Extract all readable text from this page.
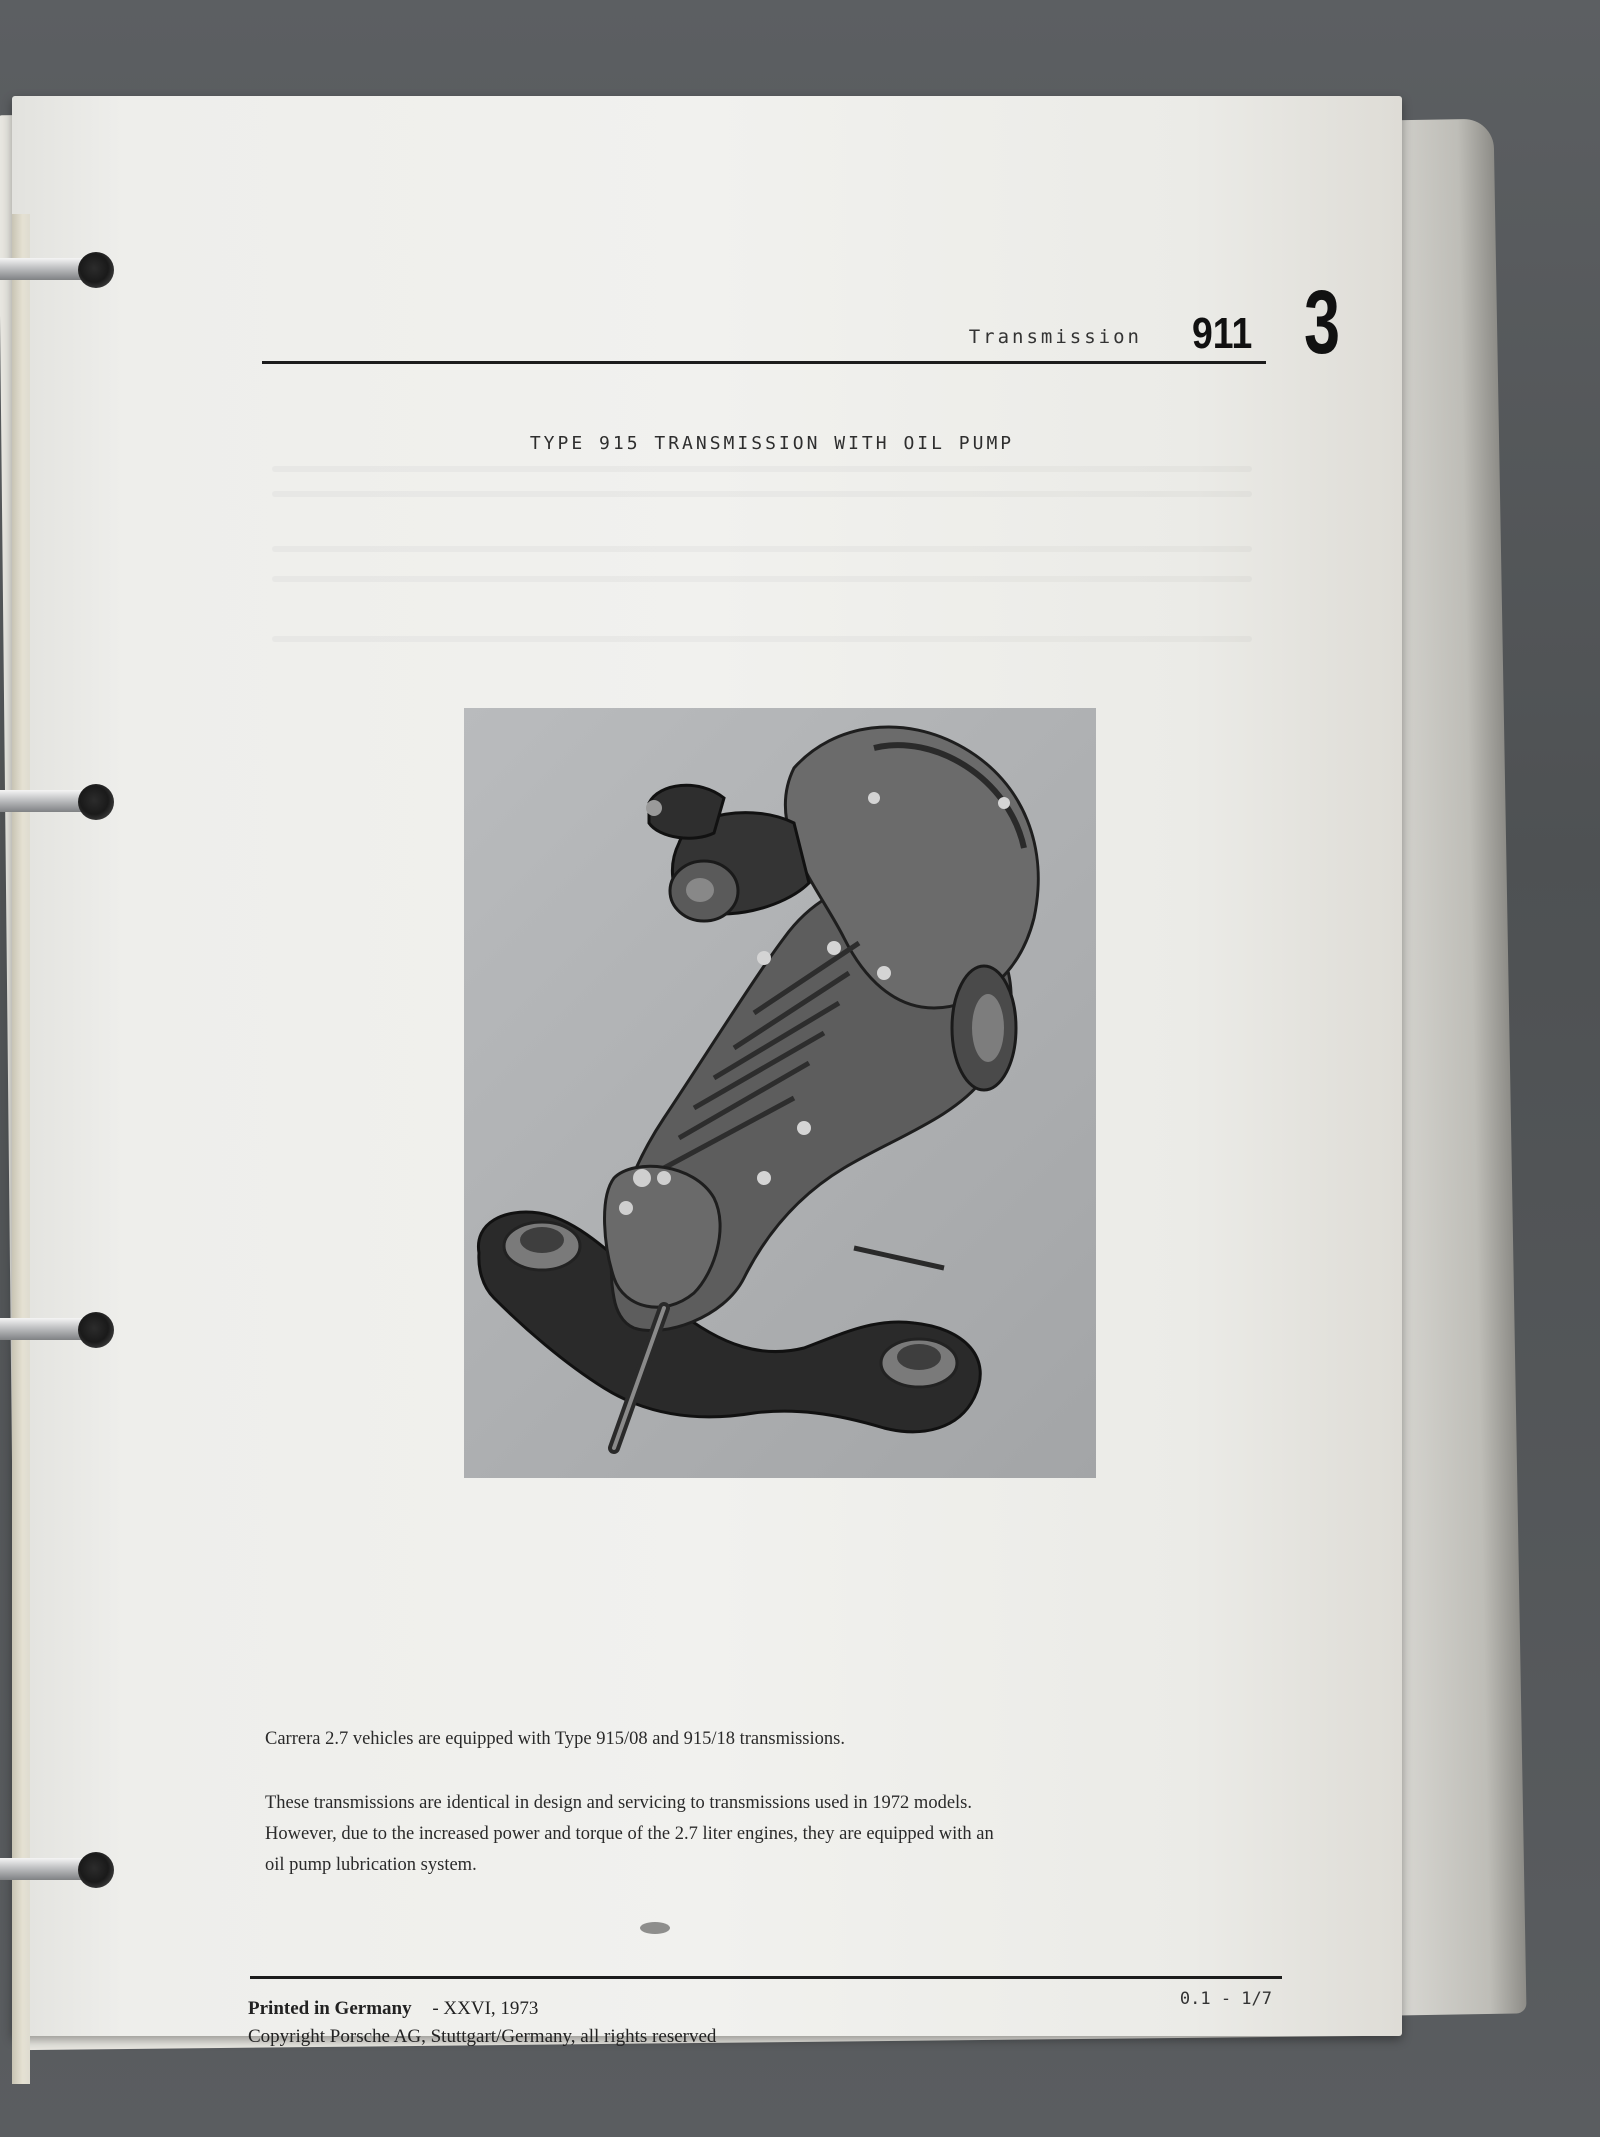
Transmission 911 3
TYPE 915 TRANSMISSION WITH OIL PUMP
Carrera 2.7 vehicles are equipped with Type 915/08 and 915/18 transmissions.
These transmissions are identical in design and servicing to transmissions used in 1972 models.
However, due to the increased power and torque of the 2.7 liter engines, they are equipped with an
oil pump lubrication system.
Printed in Germany - XXVI, 1973	0.1 - 1/7
Copyright Porsche AG, Stuttgart/Germany, all rights reserved
